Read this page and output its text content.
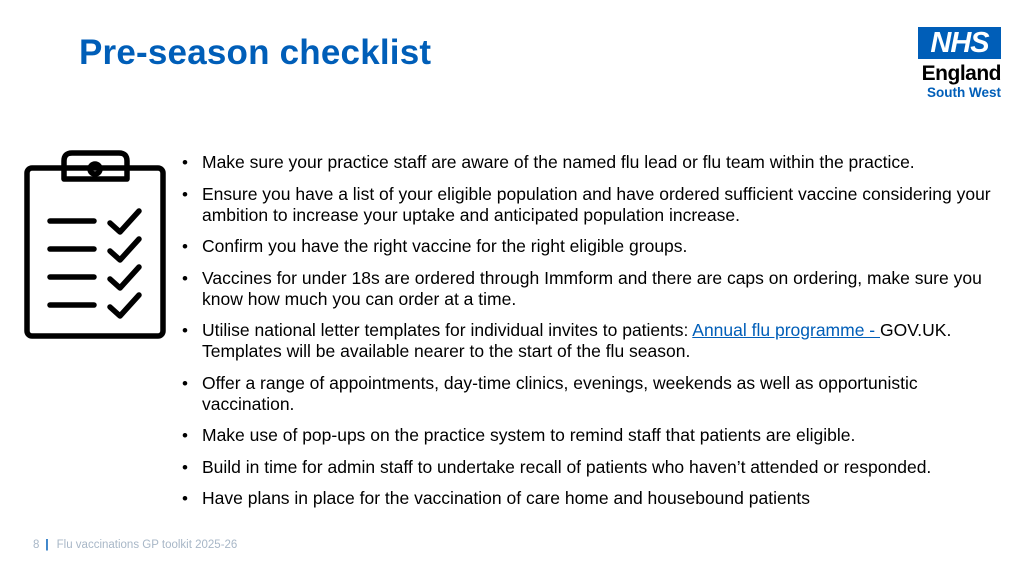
Pre-season checklist	NHS
England
South West
• Make sure your practice staff are aware of the named flu lead or flu team within the practice.
• Ensure you have a list of your eligible population and have ordered sufficient vaccine considering your ambition to increase your uptake and anticipated population increase.
• Confirm you have the right vaccine for the right eligible groups.
• Vaccines for under 18s are ordered through Immform and there are caps on ordering, make sure you know how much you can order at a time.
• Utilise national letter templates for individual invites to patients: Annual flu programme - GOV.UK. Templates will be available nearer to the start of the flu season.
• Offer a range of appointments, day-time clinics, evenings, weekends as well as opportunistic vaccination.
• Make use of pop-ups on the practice system to remind staff that patients are eligible.
• Build in time for admin staff to undertake recall of patients who haven’t attended or responded.
• Have plans in place for the vaccination of care home and housebound patients
8 | Flu vaccinations GP toolkit 2025-26
